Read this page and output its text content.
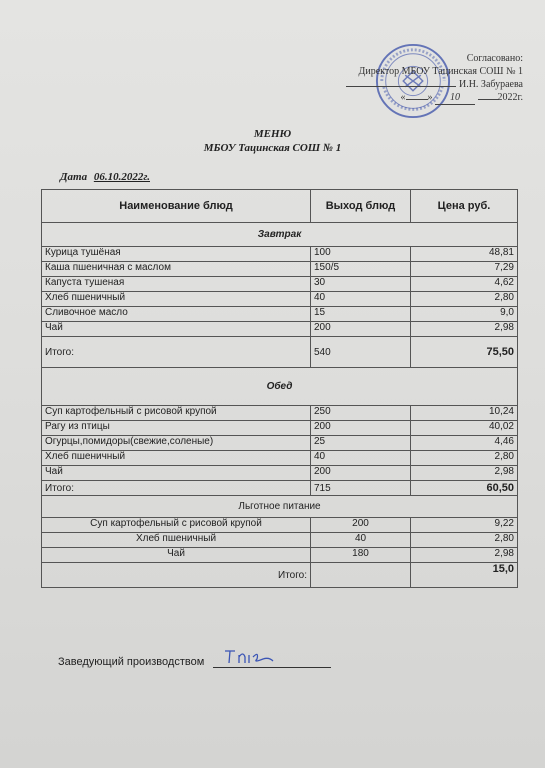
Согласовано:
Директор МБОУ Тацинская СОШ № 1
И.Н. Забураева
« » 10	2022г.
МЕНЮ
МБОУ Тацинская СОШ № 1
Дата 06.10.2022г.
Наименование блюд	Выход блюд	Цена руб.
Завтрак		
Курица тушёная	100	48,81
Каша пшеничная с маслом	150/5	7,29
Капуста тушеная	30	4,62
Хлеб пшеничный	40	2,80
Сливочное масло	15	9,0
Чай	200	2,98
Итого:	540	75,50
Обед		
Суп картофельный с рисовой крупой	250	10,24
Рагу из птицы	200	40,02
Огурцы,помидоры(свежие,соленые)	25	4,46
Хлеб пшеничный	40	2,80
Чай	200	2,98
Итого:	715	60,50
Льготное питание		
Суп картофельный с рисовой крупой	200	9,22
Хлеб пшеничный	40	2,80
Чай	180	2,98
Итого:		15,0
Заведующий производством
